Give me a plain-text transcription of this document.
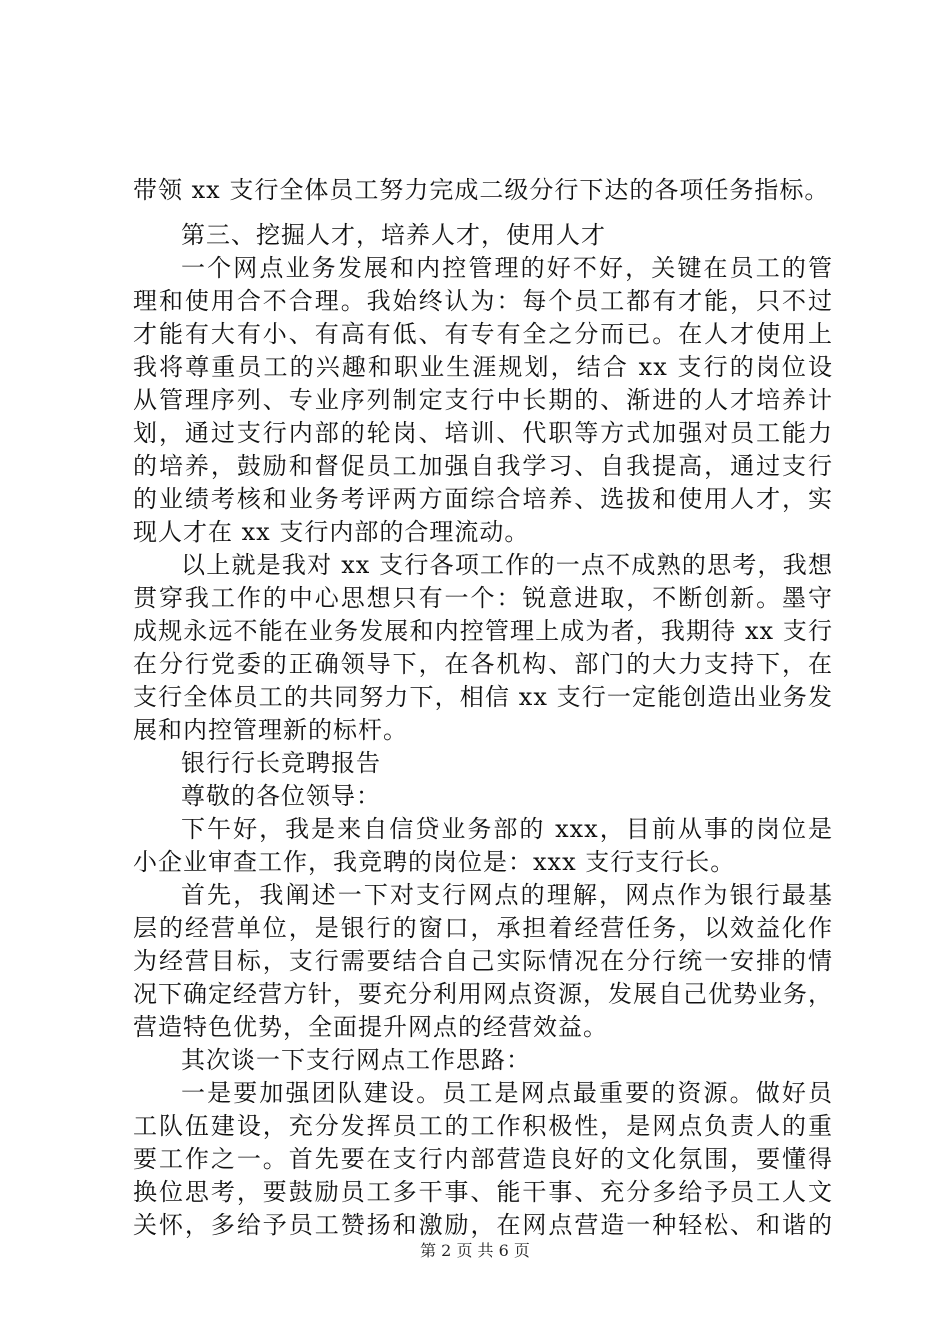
带领 xx 支行全体员工努力完成二级分行下达的各项任务指标。
第三、挖掘人才，培养人才，使用人才
一个网点业务发展和内控管理的好不好，关键在员工的管
理和使用合不合理。我始终认为：每个员工都有才能，只不过
才能有大有小、有高有低、有专有全之分而已。在人才使用上
我将尊重员工的兴趣和职业生涯规划，结合 xx 支行的岗位设
从管理序列、专业序列制定支行中长期的、渐进的人才培养计
划，通过支行内部的轮岗、培训、代职等方式加强对员工能力
的培养，鼓励和督促员工加强自我学习、自我提高，通过支行
的业绩考核和业务考评两方面综合培养、选拔和使用人才，实
现人才在 xx 支行内部的合理流动。
以上就是我对 xx 支行各项工作的一点不成熟的思考，我想
贯穿我工作的中心思想只有一个：锐意进取，不断创新。墨守
成规永远不能在业务发展和内控管理上成为者，我期待 xx 支行
在分行党委的正确领导下，在各机构、部门的大力支持下，在
支行全体员工的共同努力下，相信 xx 支行一定能创造出业务发
展和内控管理新的标杆。
银行行长竞聘报告
尊敬的各位领导：
下午好，我是来自信贷业务部的 xxx，目前从事的岗位是
小企业审查工作，我竞聘的岗位是：xxx 支行支行长。
首先，我阐述一下对支行网点的理解，网点作为银行最基
层的经营单位，是银行的窗口，承担着经营任务，以效益化作
为经营目标，支行需要结合自己实际情况在分行统一安排的情
况下确定经营方针，要充分利用网点资源，发展自己优势业务，
营造特色优势，全面提升网点的经营效益。
其次谈一下支行网点工作思路：
一是要加强团队建设。员工是网点最重要的资源。做好员
工队伍建设，充分发挥员工的工作积极性，是网点负责人的重
要工作之一。首先要在支行内部营造良好的文化氛围，要懂得
换位思考，要鼓励员工多干事、能干事、充分多给予员工人文
关怀，多给予员工赞扬和激励，在网点营造一种轻松、和谐的
第 2 页 共 6 页
